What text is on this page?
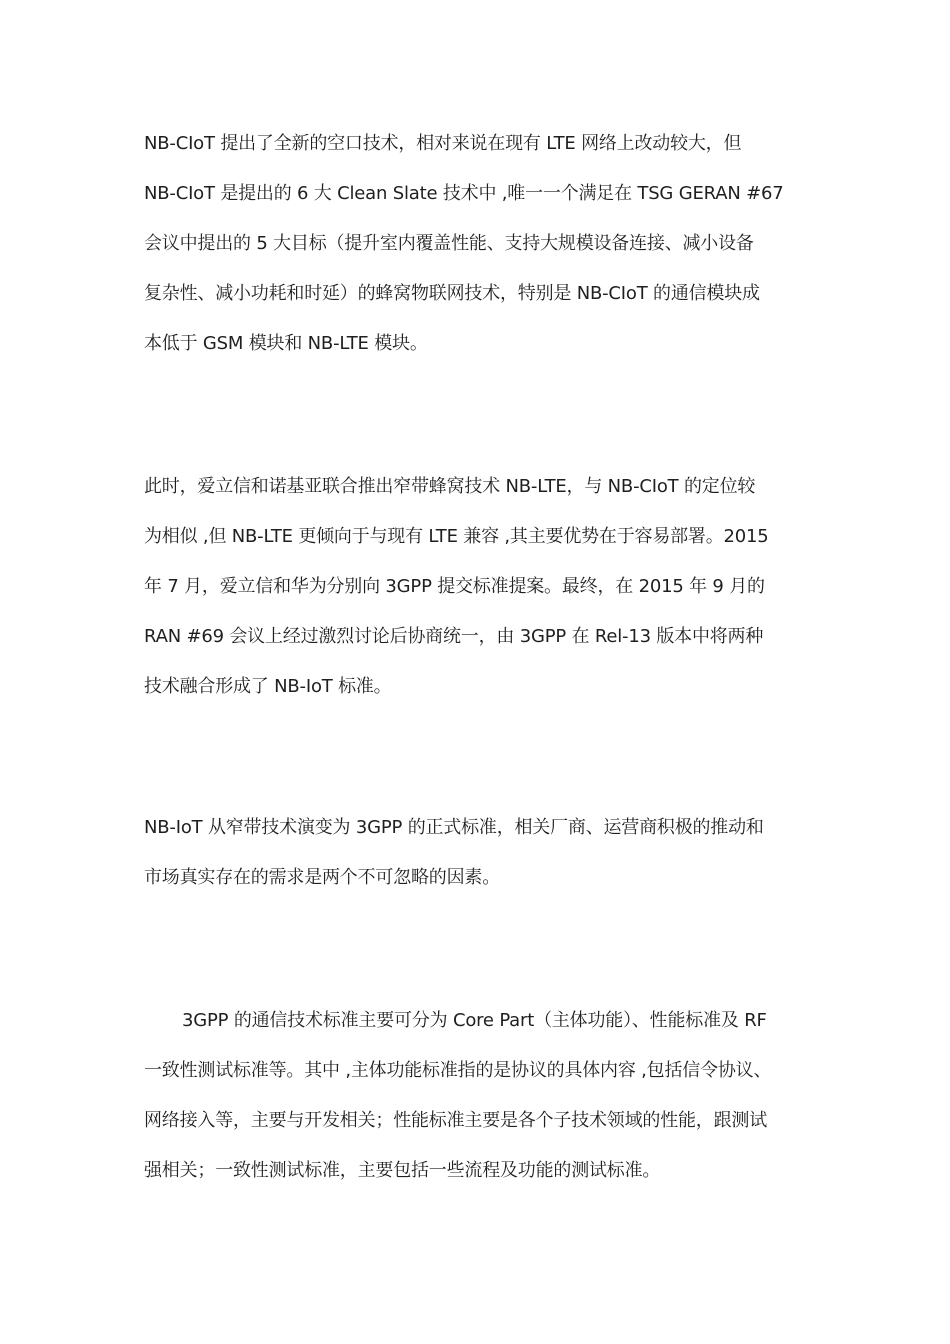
NB-CIoT 提出了全新的空口技术，相对来说在现有 LTE 网络上改动较大，但
NB-CIoT 是提出的 6 大 Clean Slate 技术中 ,唯一一个满足在 TSG GERAN #67
会议中提出的 5 大目标（提升室内覆盖性能、支持大规模设备连接、减小设备
复杂性、减小功耗和时延）的蜂窝物联网技术，特别是 NB-CIoT 的通信模块成
本低于 GSM 模块和 NB-LTE 模块。
此时，爱立信和诺基亚联合推出窄带蜂窝技术 NB-LTE，与 NB-CIoT 的定位较
为相似 ,但 NB-LTE 更倾向于与现有 LTE 兼容 ,其主要优势在于容易部署。2015
年 7 月，爱立信和华为分别向 3GPP 提交标准提案。最终，在 2015 年 9 月的
RAN #69 会议上经过激烈讨论后协商统一，由 3GPP 在 Rel-13 版本中将两种
技术融合形成了 NB-IoT 标准。
NB-IoT 从窄带技术演变为 3GPP 的正式标准，相关厂商、运营商积极的推动和
市场真实存在的需求是两个不可忽略的因素。
3GPP 的通信技术标准主要可分为 Core Part（主体功能）、性能标准及 RF
一致性测试标准等。其中 ,主体功能标准指的是协议的具体内容 ,包括信令协议、
网络接入等，主要与开发相关；性能标准主要是各个子技术领域的性能，跟测试
强相关；一致性测试标准，主要包括一些流程及功能的测试标准。
